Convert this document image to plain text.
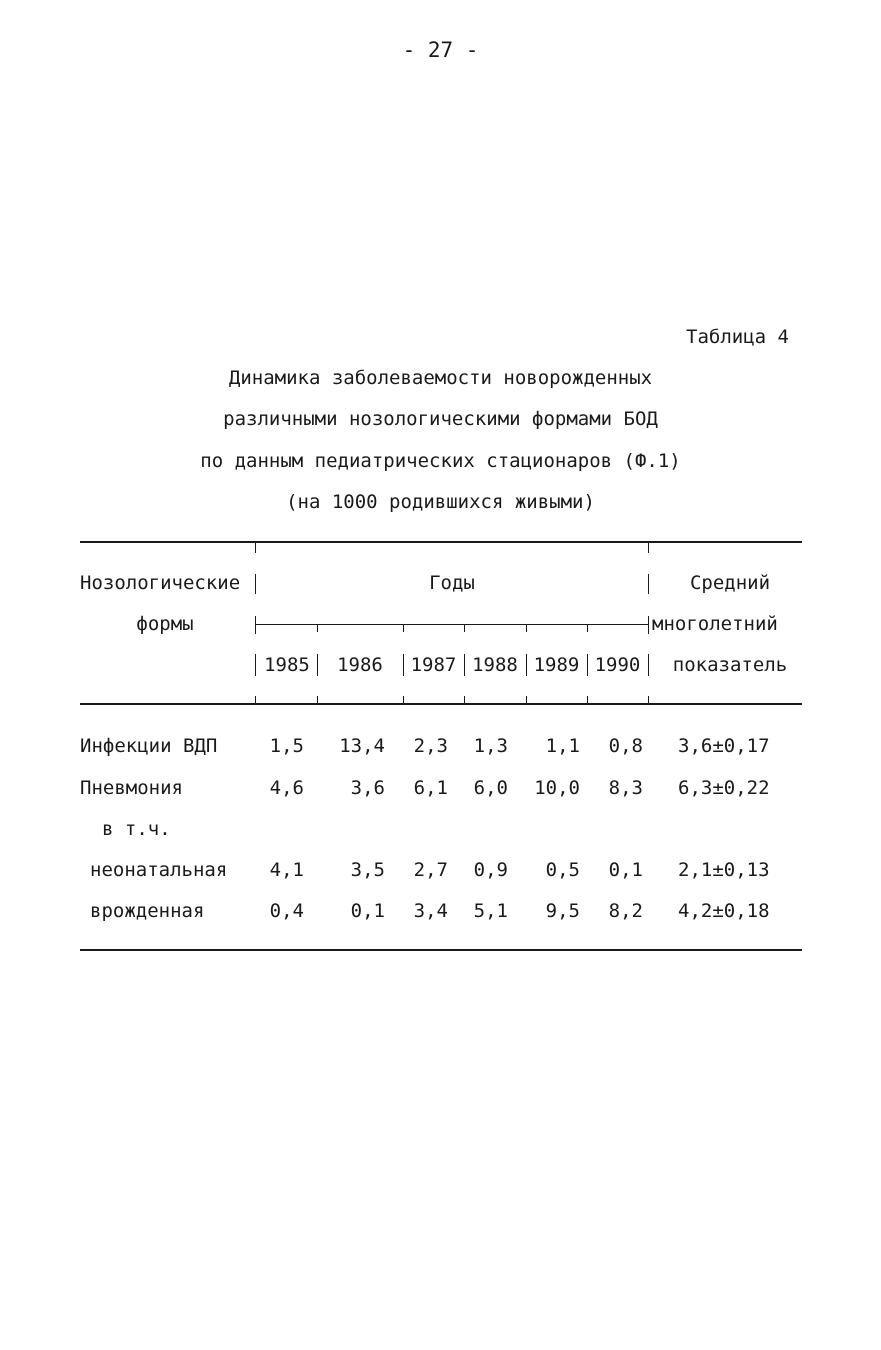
- 27 -
Таблица 4
Динамика заболеваемости новорожденных
различными нозологическими формами БОД
по данным педиатрических стационаров (Ф.1)
(на 1000 родившихся живыми)
Нозологические
формы
Годы	Средний
многолетний
показатель
1985	1986	1987 1988 1989 1990
Инфекции ВДП	1,5	13,4	2,3	1,3	1,1	0,8 3,6±0,17
Пневмония	4,6	3,6	6,1	6,0	10,0	8,3 6,3±0,22
в т.ч.
неонатальная	4,1	3,5	2,7	0,9	0,5	0,1 2,1±0,13
врожденная	0,4	0,1	3,4	5,1	9,5	8,2 4,2±0,18
